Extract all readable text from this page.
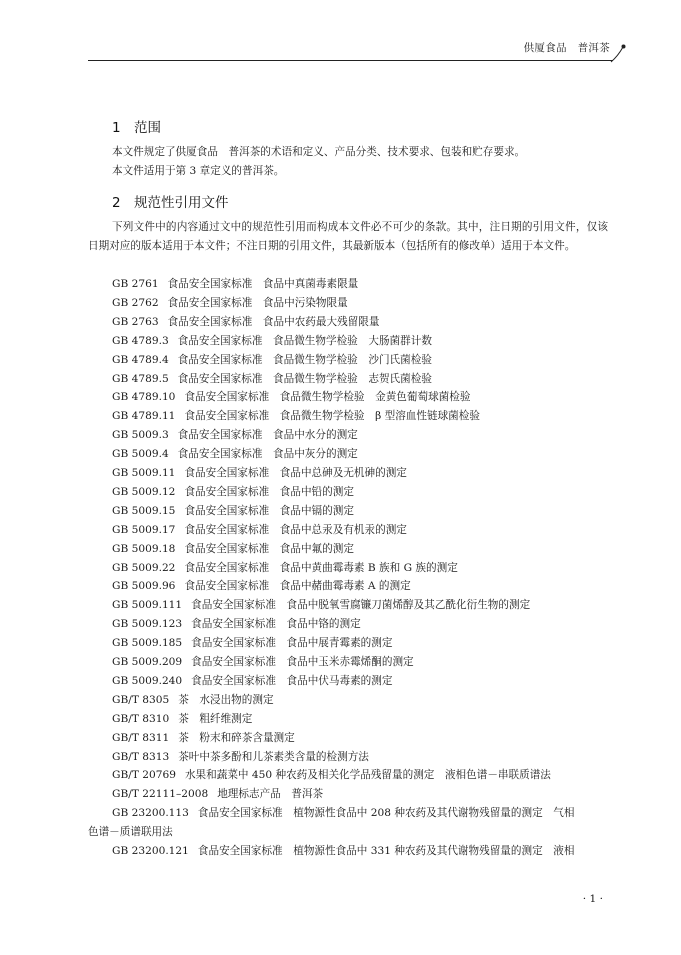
供厦食品　普洱茶
1 范围

本文件规定了供厦食品　普洱茶的术语和定义、产品分类、技术要求、包装和贮存要求。

本文件适用于第 3 章定义的普洱茶。

2 规范性引用文件

下列文件中的内容通过文中的规范性引用而构成本文件必不可少的条款。其中，注日期的引用文件，仅该日期对应的版本适用于本文件；不注日期的引用文件，其最新版本（包括所有的修改单）适用于本文件。

GB 2761 食品安全国家标准　食品中真菌毒素限量
GB 2762 食品安全国家标准　食品中污染物限量
GB 2763 食品安全国家标准　食品中农药最大残留限量
GB 4789.3 食品安全国家标准　食品微生物学检验　大肠菌群计数
GB 4789.4 食品安全国家标准　食品微生物学检验　沙门氏菌检验
GB 4789.5 食品安全国家标准　食品微生物学检验　志贺氏菌检验
GB 4789.10 食品安全国家标准　食品微生物学检验　金黄色葡萄球菌检验
GB 4789.11 食品安全国家标准　食品微生物学检验　β 型溶血性链球菌检验
GB 5009.3 食品安全国家标准　食品中水分的测定
GB 5009.4 食品安全国家标准　食品中灰分的测定
GB 5009.11 食品安全国家标准　食品中总砷及无机砷的测定
GB 5009.12 食品安全国家标准　食品中铅的测定
GB 5009.15 食品安全国家标准　食品中镉的测定
GB 5009.17 食品安全国家标准　食品中总汞及有机汞的测定
GB 5009.18 食品安全国家标准　食品中氟的测定
GB 5009.22 食品安全国家标准　食品中黄曲霉毒素 B 族和 G 族的测定
GB 5009.96 食品安全国家标准　食品中赭曲霉毒素 A 的测定
GB 5009.111 食品安全国家标准　食品中脱氧雪腐镰刀菌烯醇及其乙酰化衍生物的测定
GB 5009.123 食品安全国家标准　食品中铬的测定
GB 5009.185 食品安全国家标准　食品中展青霉素的测定
GB 5009.209 食品安全国家标准　食品中玉米赤霉烯酮的测定
GB 5009.240 食品安全国家标准　食品中伏马毒素的测定
GB/T 8305 茶　水浸出物的测定
GB/T 8310 茶　粗纤维测定
GB/T 8311 茶　粉末和碎茶含量测定
GB/T 8313 茶叶中茶多酚和儿茶素类含量的检测方法
GB/T 20769 水果和蔬菜中 450 种农药及相关化学品残留量的测定　液相色谱－串联质谱法
GB/T 22111–2008 地理标志产品　普洱茶
GB 23200.113 食品安全国家标准　植物源性食品中 208 种农药及其代谢物残留量的测定　气相
色谱－质谱联用法
GB 23200.121 食品安全国家标准　植物源性食品中 331 种农药及其代谢物残留量的测定　液相
· 1 ·
